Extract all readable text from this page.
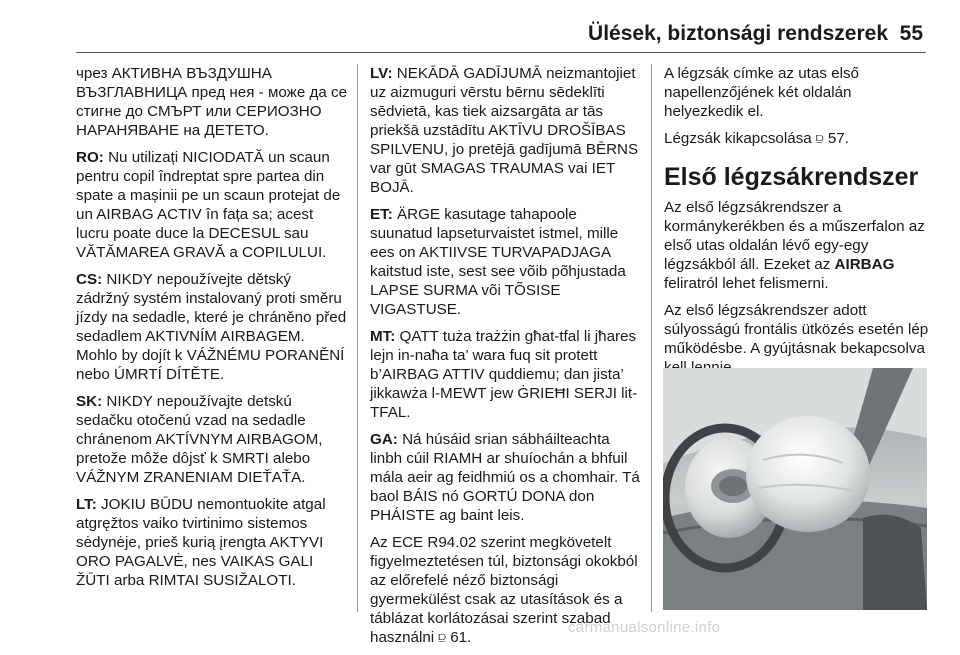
Ülések, biztonsági rendszerek 55

чрез АКТИВНА ВЪЗДУШНА ВЪЗГЛАВНИЦА пред нея - може да се стигне до СМЪРТ или СЕРИОЗНО НАРАНЯВАНЕ на ДЕТЕТО.

RO: Nu utilizați NICIODATĂ un scaun pentru copil îndreptat spre partea din spate a mașinii pe un scaun protejat de un AIRBAG ACTIV în fața sa; acest lucru poate duce la DECESUL sau VĂTĂMAREA GRAVĂ a COPILULUI.

CS: NIKDY nepoužívejte dětský zádržný systém instalovaný proti směru jízdy na sedadle, které je chráněno před sedadlem AKTIVNÍM AIRBAGEM. Mohlo by dojít k VÁŽNÉMU PORANĚNÍ nebo ÚMRTÍ DÍTĚTE.

SK: NIKDY nepoužívajte detskú sedačku otočenú vzad na sedadle chránenom AKTÍVNYM AIRBAGOM, pretože môže dôjsť k SMRTI alebo VÁŽNYM ZRANENIAM DIEŤAŤA.

LT: JOKIU BŪDU nemontuokite atgal atgręžtos vaiko tvirtinimo sistemos sėdynėje, prieš kurią įrengta AKTYVI ORO PAGALVĖ, nes VAIKAS GALI ŽŪTI arba RIMTAI SUSIŽALOTI.

LV: NEKĀDĀ GADĪJUMĀ neizmantojiet uz aizmuguri vērstu bērnu sēdeklīti sēdvietā, kas tiek aizsargāta ar tās priekšā uzstādītu AKTĪVU DROŠĪBAS SPILVENU, jo pretējā gadījumā BĒRNS var gūt SMAGAS TRAUMAS vai IET BOJĀ.

ET: ÄRGE kasutage tahapoole suunatud lapseturvaistet istmel, mille ees on AKTIIVSE TURVAPADJAGA kaitstud iste, sest see võib põhjustada LAPSE SURMA või TÕSISE VIGASTUSE.

MT: QATT tuża trażżin għat-tfal li jħares lejn in-naħa ta’ wara fuq sit protett b’AIRBAG ATTIV quddiemu; dan jista’ jikkawża l-MEWT jew ĠRIEĦI SERJI lit-TFAL.

GA: Ná húsáid srian sábháilteachta linbh cúil RIAMH ar shuíochán a bhfuil mála aeir ag feidhmiú os a chomhair. Tá baol BÁIS nó GORTÚ DONA don PHÁISTE ag baint leis.

Az ECE R94.02 szerint megkövetelt figyelmeztetésen túl, biztonsági okokból az előrefelé néző biztonsági gyermekülést csak az utasítások és a táblázat korlátozásai szerint szabad használni ⫒ 61.

A légzsák címke az utas első napellenzőjének két oldalán helyezkedik el.

Légzsák kikapcsolása ⫒ 57.

Első légzsákrendszer

Az első légzsákrendszer a kormánykerékben és a műszerfalon az első utas oldalán lévő egy-egy légzsákból áll. Ezeket az AIRBAG feliratról lehet felismerni.

Az első légzsákrendszer adott súlyosságú frontális ütközés esetén lép működésbe. A gyújtásnak bekapcsolva

carmanualsonline.info
